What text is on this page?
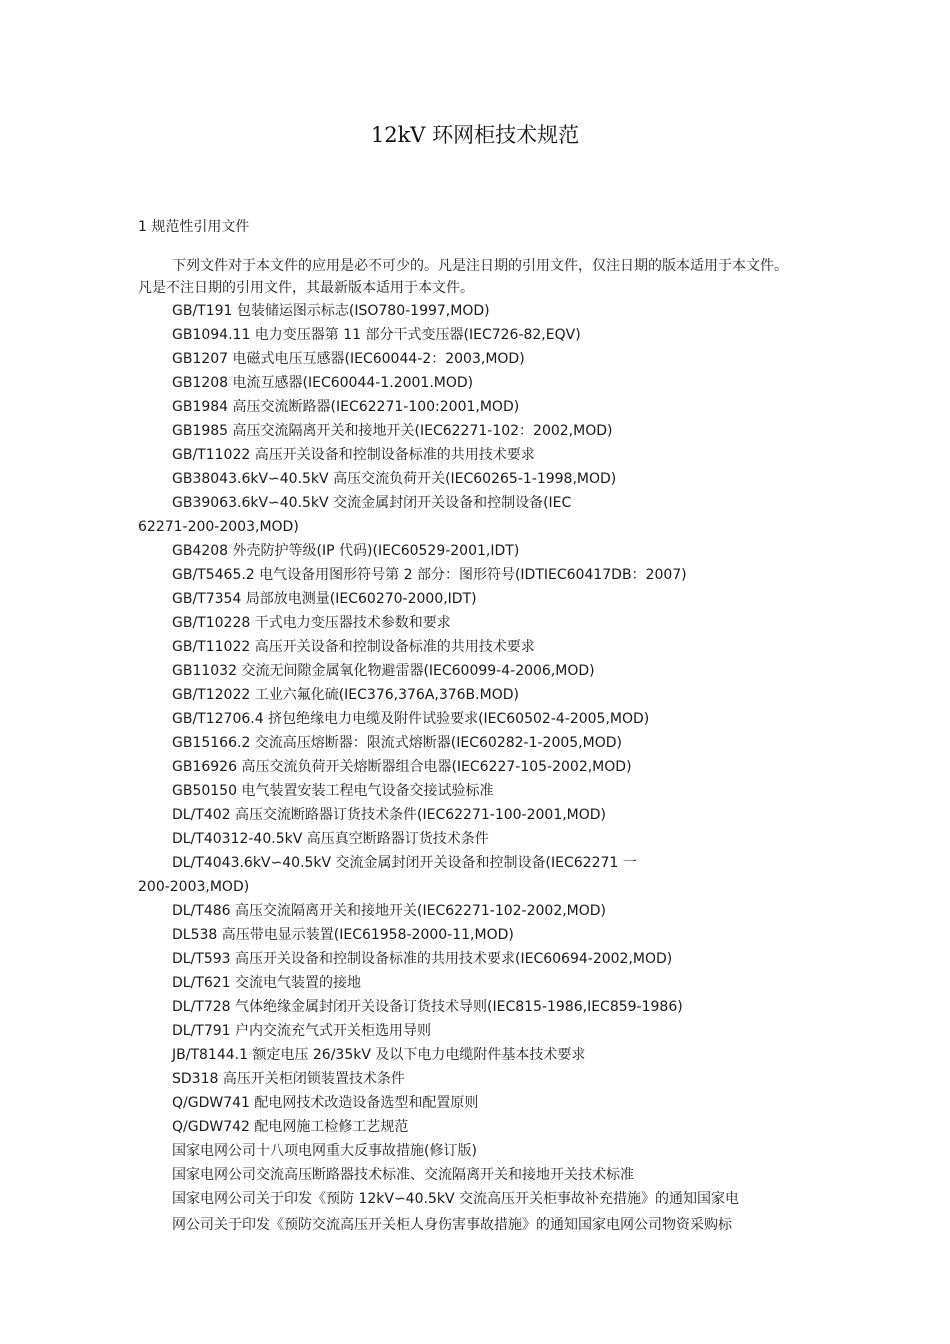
12kV 环网柜技术规范
1 规范性引用文件

下列文件对于本文件的应用是必不可少的。凡是注日期的引用文件，仅注日期的版本适用于本文件。凡是不注日期的引用文件，其最新版本适用于本文件。

GB/T191 包装储运图示标志(ISO780-1997,MOD)
GB1094.11 电力变压器第 11 部分干式变压器(IEC726-82,EQV)
GB1207 电磁式电压互感器(IEC60044-2：2003,MOD)
GB1208 电流互感器(IEC60044-1.2001.MOD)
GB1984 高压交流断路器(IEC62271-100:2001,MOD)
GB1985 高压交流隔离开关和接地开关(IEC62271-102：2002,MOD)
GB/T11022 高压开关设备和控制设备标准的共用技术要求
GB38043.6kV∽40.5kV 高压交流负荷开关(IEC60265-1-1998,MOD)
GB39063.6kV∽40.5kV 交流金属封闭开关设备和控制设备(IEC
62271-200-2003,MOD)
GB4208 外壳防护等级(IP 代码)(IEC60529-2001,IDT)
GB/T5465.2 电气设备用图形符号第 2 部分：图形符号(IDTIEC60417DB：2007)
GB/T7354 局部放电测量(IEC60270-2000,IDT)
GB/T10228 干式电力变压器技术参数和要求
GB/T11022 高压开关设备和控制设备标准的共用技术要求
GB11032 交流无间隙金属氧化物避雷器(IEC60099-4-2006,MOD)
GB/T12022 工业六氟化硫(IEC376,376A,376B.MOD)
GB/T12706.4 挤包绝缘电力电缆及附件试验要求(IEC60502-4-2005,MOD)
GB15166.2 交流高压熔断器：限流式熔断器(IEC60282-1-2005,MOD)
GB16926 高压交流负荷开关熔断器组合电器(IEC6227-105-2002,MOD)
GB50150 电气装置安装工程电气设备交接试验标准
DL/T402 高压交流断路器订货技术条件(IEC62271-100-2001,MOD)
DL/T40312-40.5kV 高压真空断路器订货技术条件
DL/T4043.6kV∽40.5kV 交流金属封闭开关设备和控制设备(IEC62271 一
200-2003,MOD)
DL/T486 高压交流隔离开关和接地开关(IEC62271-102-2002,MOD)
DL538 高压带电显示装置(IEC61958-2000-11,MOD)
DL/T593 高压开关设备和控制设备标准的共用技术要求(IEC60694-2002,MOD)
DL/T621 交流电气装置的接地
DL/T728 气体绝缘金属封闭开关设备订货技术导则(IEC815-1986,IEC859-1986)
DL/T791 户内交流充气式开关柜选用导则
JB/T8144.1 额定电压 26/35kV 及以下电力电缆附件基本技术要求
SD318 高压开关柜闭锁装置技术条件
Q/GDW741 配电网技术改造设备选型和配置原则
Q/GDW742 配电网施工检修工艺规范
国家电网公司十八项电网重大反事故措施(修订版)
国家电网公司交流高压断路器技术标准、交流隔离开关和接地开关技术标准
国家电网公司关于印发《预防 12kV∽40.5kV 交流高压开关柜事故补充措施》的通知国家电
网公司关于印发《预防交流高压开关柜人身伤害事故措施》的通知国家电网公司物资采购标
